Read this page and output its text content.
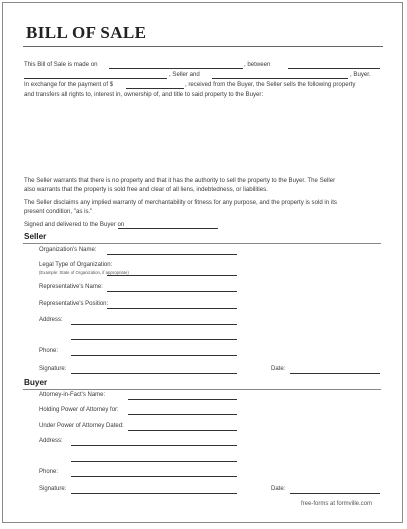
BILL OF SALE
This Bill of Sale is made on	, between
, Seller and	, Buyer.
In exchange for the payment of $	, received from the Buyer, the Seller sells the following property
and transfers all rights to, interest in, ownership of, and title to said property to the Buyer:
The Seller warrants that there is no property and that it has the authority to sell the property to the Buyer. The Seller
also warrants that the property is sold free and clear of all liens, indebtedness, or liabilities.
The Seller disclaims any implied warranty of merchantability or fitness for any purpose, and the property is sold in its
present condition, "as is."
Signed and delivered to the Buyer on
Seller
Organization's Name:
Legal Type of Organization:
(Example: State of Organization, if appropriate)
Representative's Name:
Representative's Position:
Address:
Phone:
Signature:	Date:
Buyer
Attorney-in-Fact's Name:
Holding Power of Attorney for:
Under Power of Attorney Dated:
Address:
Phone:
Signature:	Date:
free-forms at formville.com
